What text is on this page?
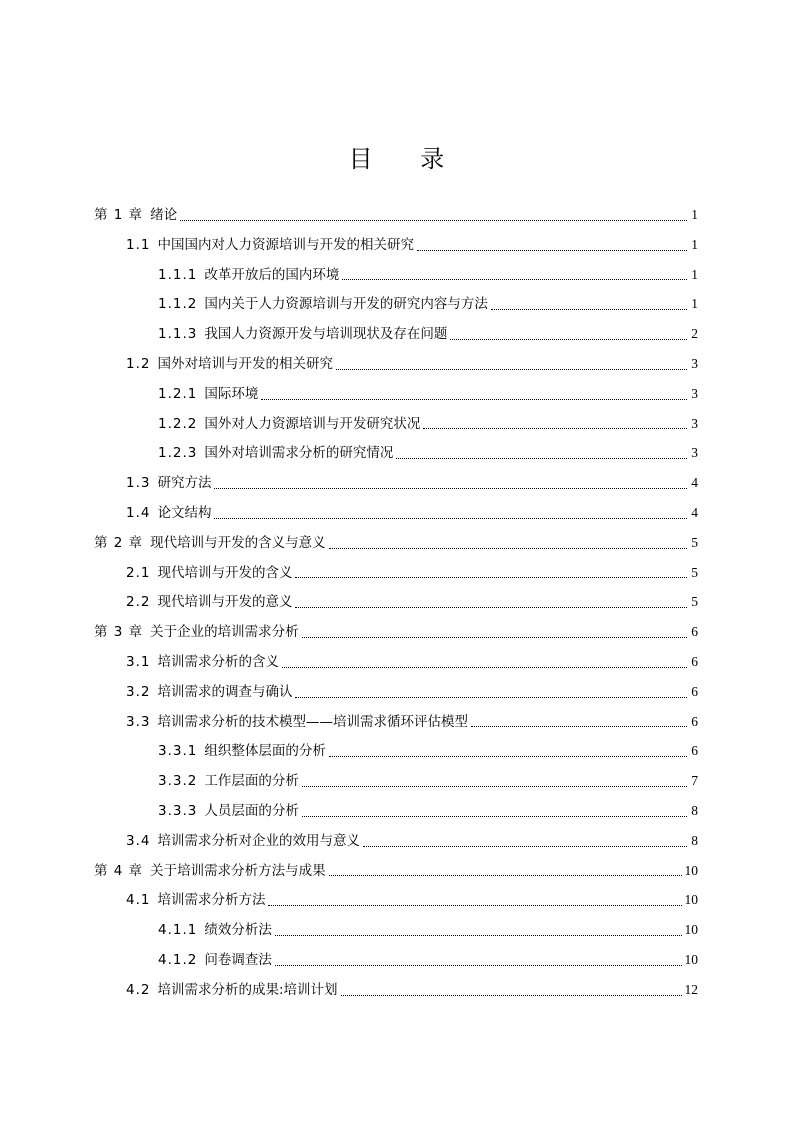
目 录
第 1 章 绪论	1
1.1 中国国内对人力资源培训与开发的相关研究	1
1.1.1 改革开放后的国内环境	1
1.1.2 国内关于人力资源培训与开发的研究内容与方法	1
1.1.3 我国人力资源开发与培训现状及存在问题	2
1.2 国外对培训与开发的相关研究	3
1.2.1 国际环境	3
1.2.2 国外对人力资源培训与开发研究状况	3
1.2.3 国外对培训需求分析的研究情况	3
1.3 研究方法	4
1.4 论文结构	4
第 2 章 现代培训与开发的含义与意义	5
2.1 现代培训与开发的含义	5
2.2 现代培训与开发的意义	5
第 3 章 关于企业的培训需求分析	6
3.1 培训需求分析的含义	6
3.2 培训需求的调查与确认	6
3.3 培训需求分析的技术模型——培训需求循环评估模型	6
3.3.1 组织整体层面的分析	6
3.3.2 工作层面的分析	7
3.3.3 人员层面的分析	8
3.4 培训需求分析对企业的效用与意义	8
第 4 章 关于培训需求分析方法与成果	10
4.1 培训需求分析方法	10
4.1.1 绩效分析法	10
4.1.2 问卷调查法	10
4.2 培训需求分析的成果:培训计划	12
